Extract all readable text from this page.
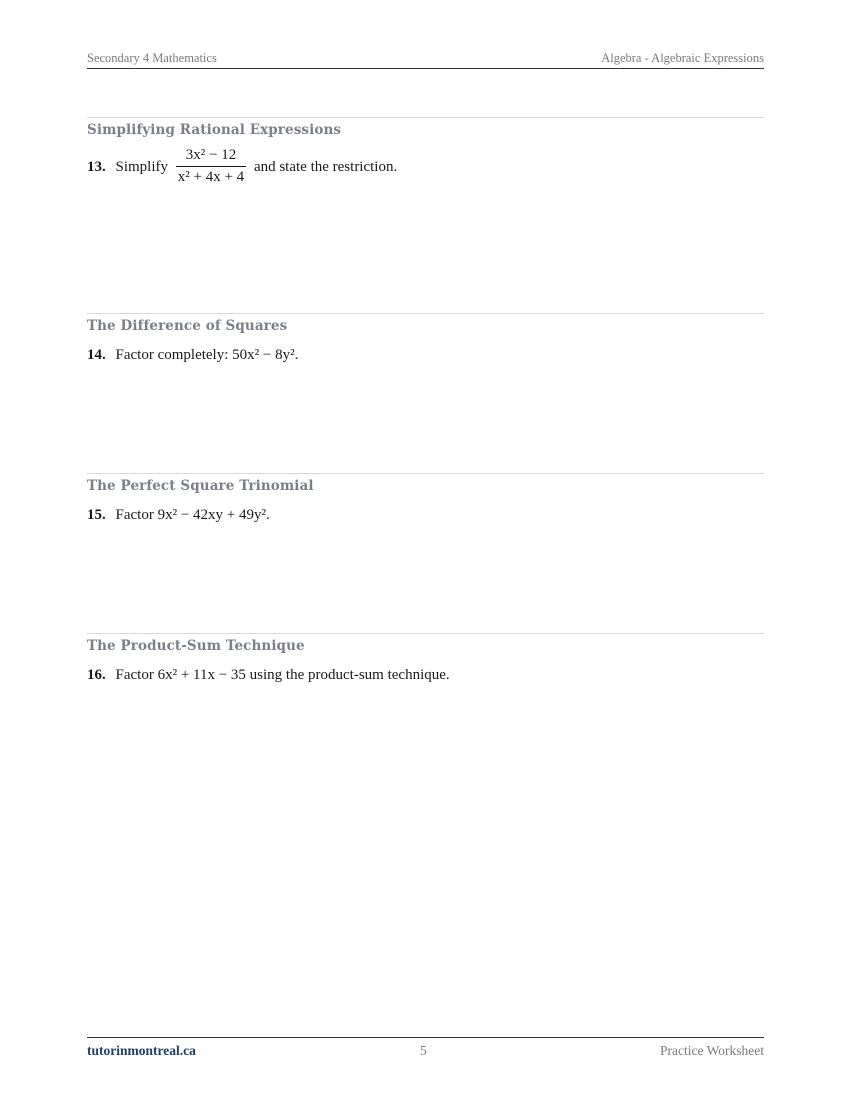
Secondary 4 Mathematics	Algebra - Algebraic Expressions
Simplifying Rational Expressions
13. Simplify $\frac{\text{3x² − 12}}{\text{x² + 4x + 4}}$ and state the restriction.
The Difference of Squares
14. Factor completely: 50x² − 8y².
The Perfect Square Trinomial
15. Factor 9x² − 42xy + 49y².
The Product-Sum Technique
16. Factor 6x² + 11x − 35 using the product-sum technique.
tutorinmontreal.ca	5	Practice Worksheet
